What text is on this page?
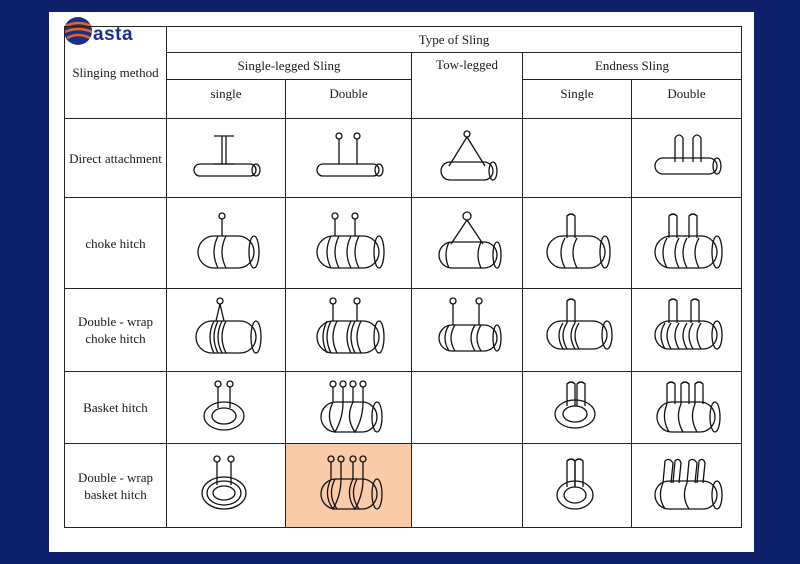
asta
Slinging method	Type of Sling				
	Single-legged Sling		Tow-legged	Endness Sling	

	single	Double		Single	Double

Direct attachment	

choke hitch	

Double - wrap choke hitch	

Basket hitch	

Double - wrap basket hitch	
